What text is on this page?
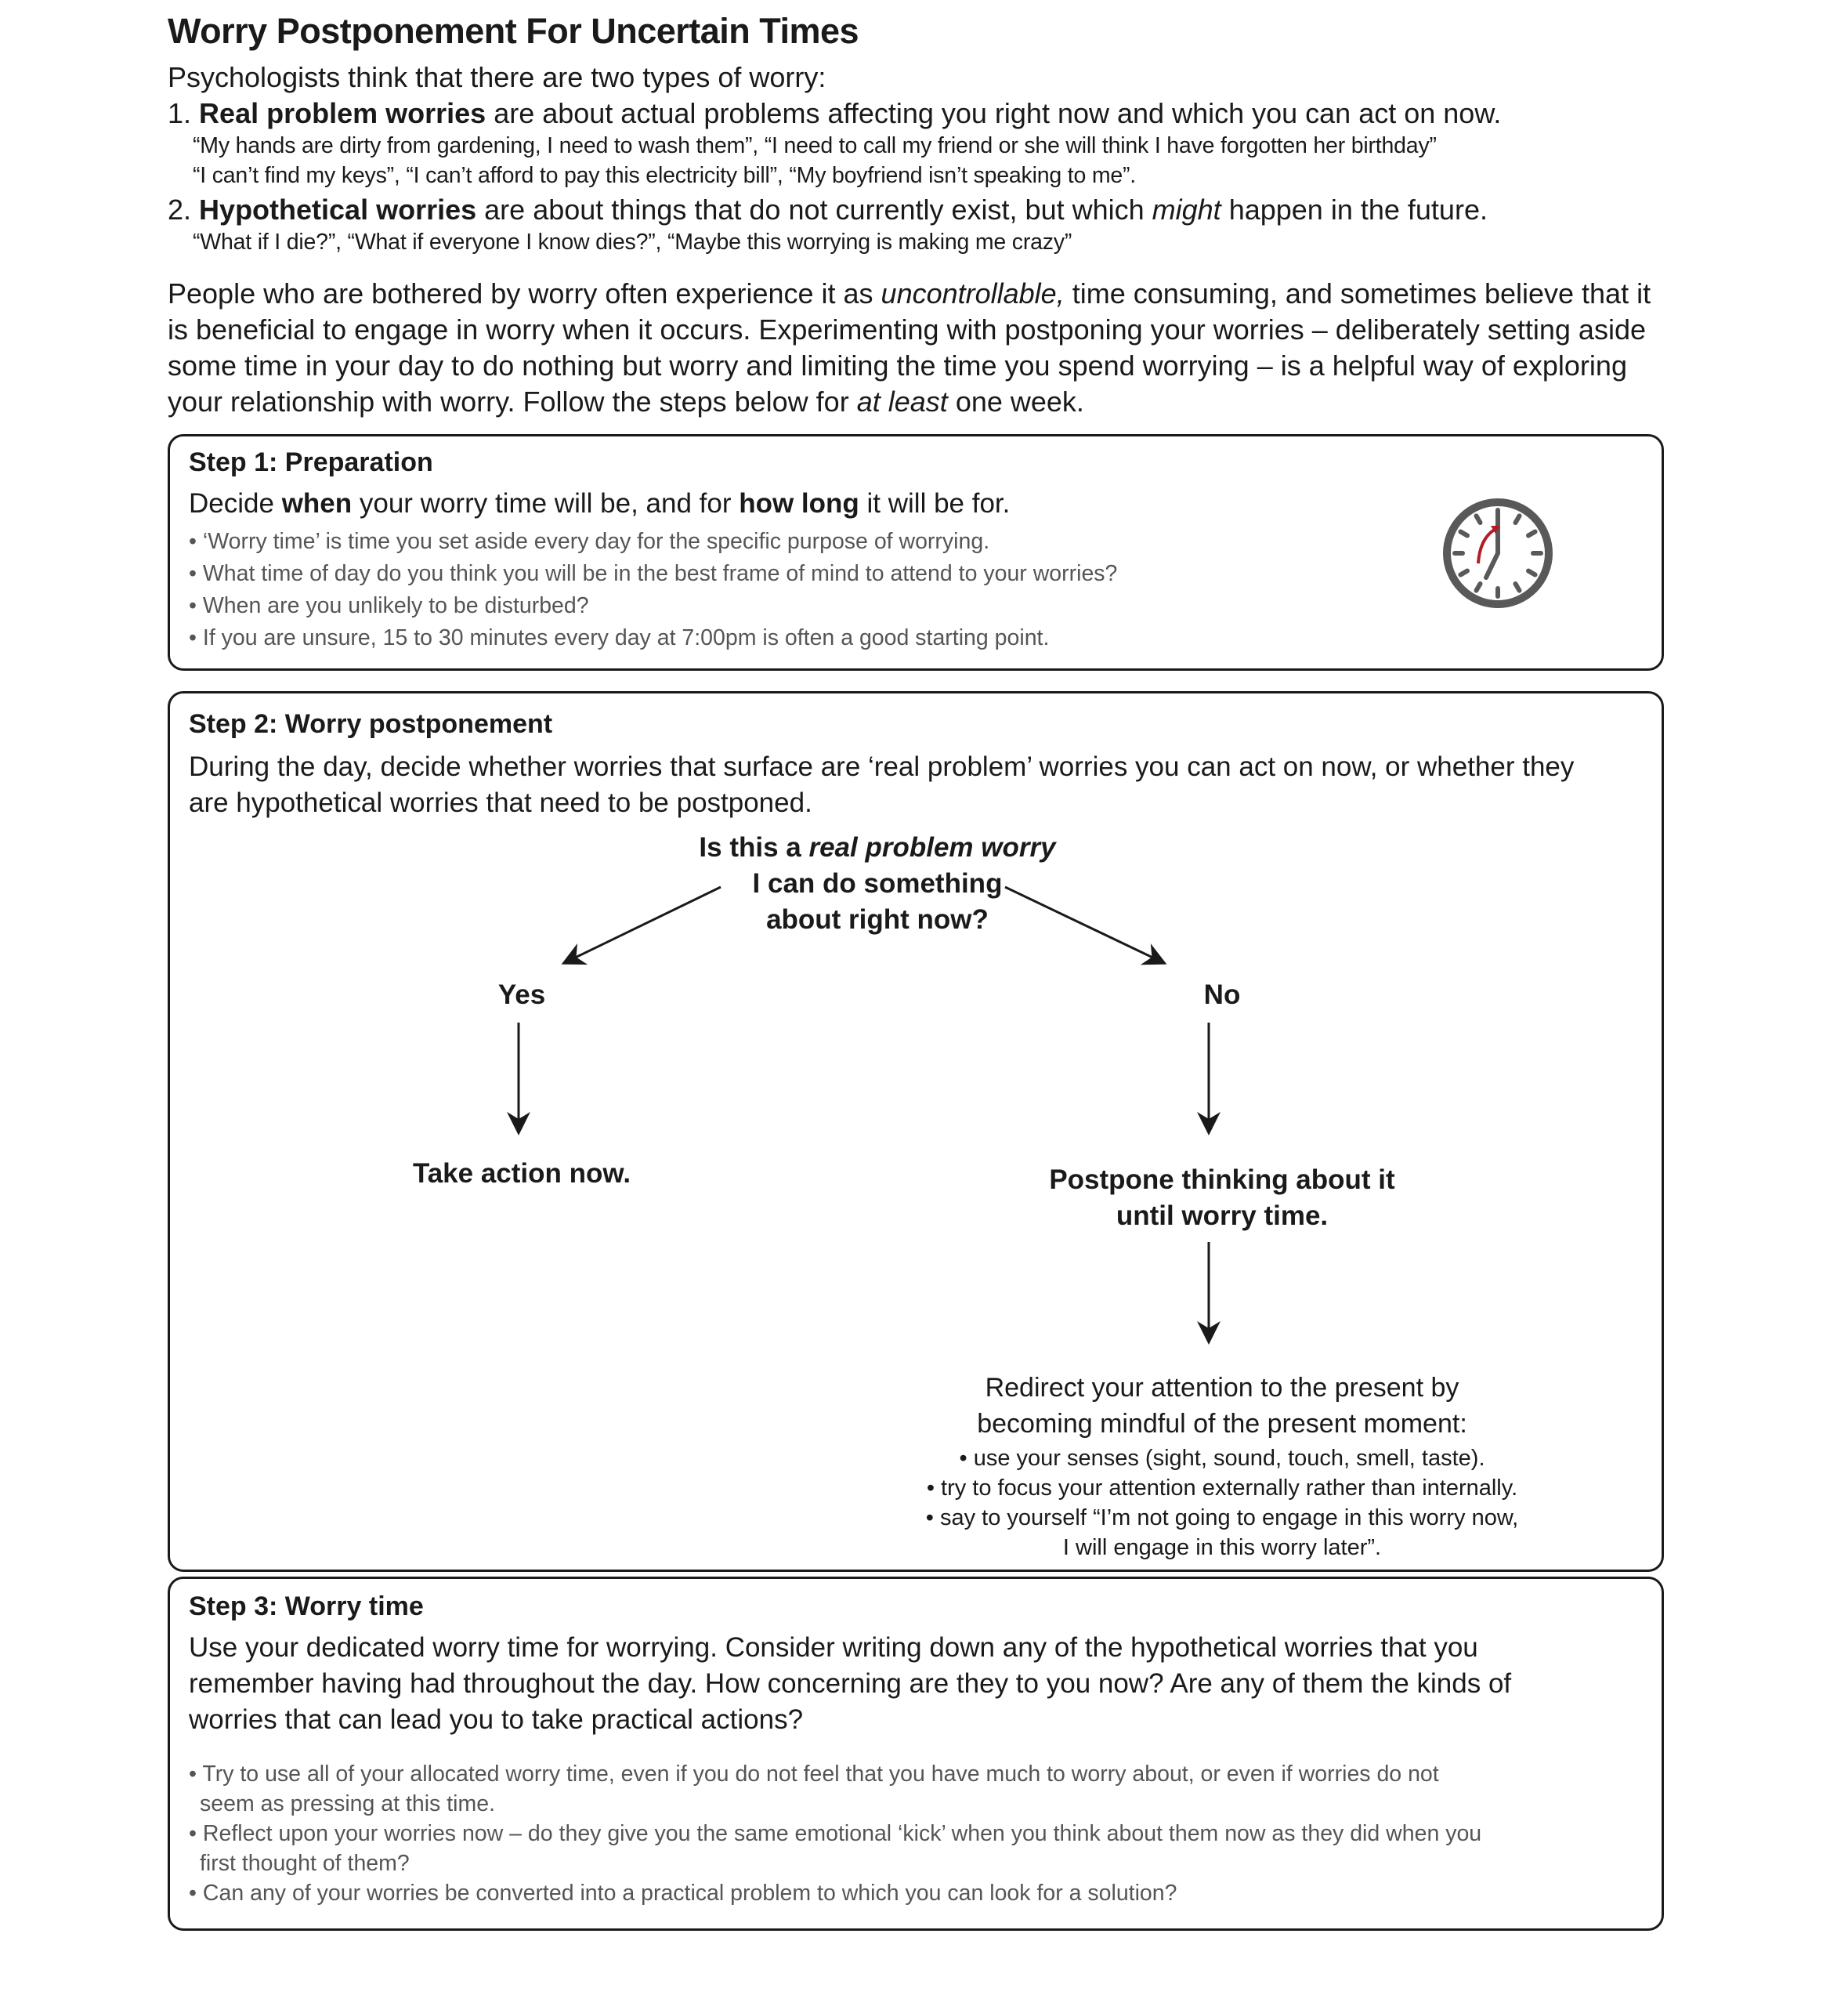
Worry Postponement For Uncertain Times
Psychologists think that there are two types of worry:
1. Real problem worries are about actual problems affecting you right now and which you can act on now.
“My hands are dirty from gardening, I need to wash them”, “I need to call my friend or she will think I have forgotten her birthday”
“I can’t find my keys”, “I can’t afford to pay this electricity bill”, “My boyfriend isn’t speaking to me”.
2. Hypothetical worries are about things that do not currently exist, but which might happen in the future.
“What if I die?”, “What if everyone I know dies?”, “Maybe this worrying is making me crazy”

People who are bothered by worry often experience it as uncontrollable, time consuming, and sometimes believe that it

is beneficial to engage in worry when it occurs. Experimenting with postponing your worries – deliberately setting aside

some time in your day to do nothing but worry and limiting the time you spend worrying – is a helpful way of exploring

your relationship with worry. Follow the steps below for at least one week.

Step 1: Preparation
Decide when your worry time will be, and for how long it will be for.
• ‘Worry time’ is time you set aside every day for the specific purpose of worrying.
• What time of day do you think you will be in the best frame of mind to attend to your worries?
• When are you unlikely to be disturbed?
• If you are unsure, 15 to 30 minutes every day at 7:00pm is often a good starting point.
Step 2: Worry postponement
During the day, decide whether worries that surface are ‘real problem’ worries you can act on now, or whether they
are hypothetical worries that need to be postponed.
Is this a real problem worry
I can do something
about right now?
Yes	No
Take action now.	Postpone thinking about it
until worry time.
Redirect your attention to the present by
becoming mindful of the present moment:
• use your senses (sight, sound, touch, smell, taste).
• try to focus your attention externally rather than internally.
• say to yourself “I’m not going to engage in this worry now,
I will engage in this worry later”.
Step 3: Worry time
Use your dedicated worry time for worrying. Consider writing down any of the hypothetical worries that you
remember having had throughout the day. How concerning are they to you now? Are any of them the kinds of
worries that can lead you to take practical actions?
• Try to use all of your allocated worry time, even if you do not feel that you have much to worry about, or even if worries do not
seem as pressing at this time.
• Reflect upon your worries now – do they give you the same emotional ‘kick’ when you think about them now as they did when you
first thought of them?
• Can any of your worries be converted into a practical problem to which you can look for a solution?
